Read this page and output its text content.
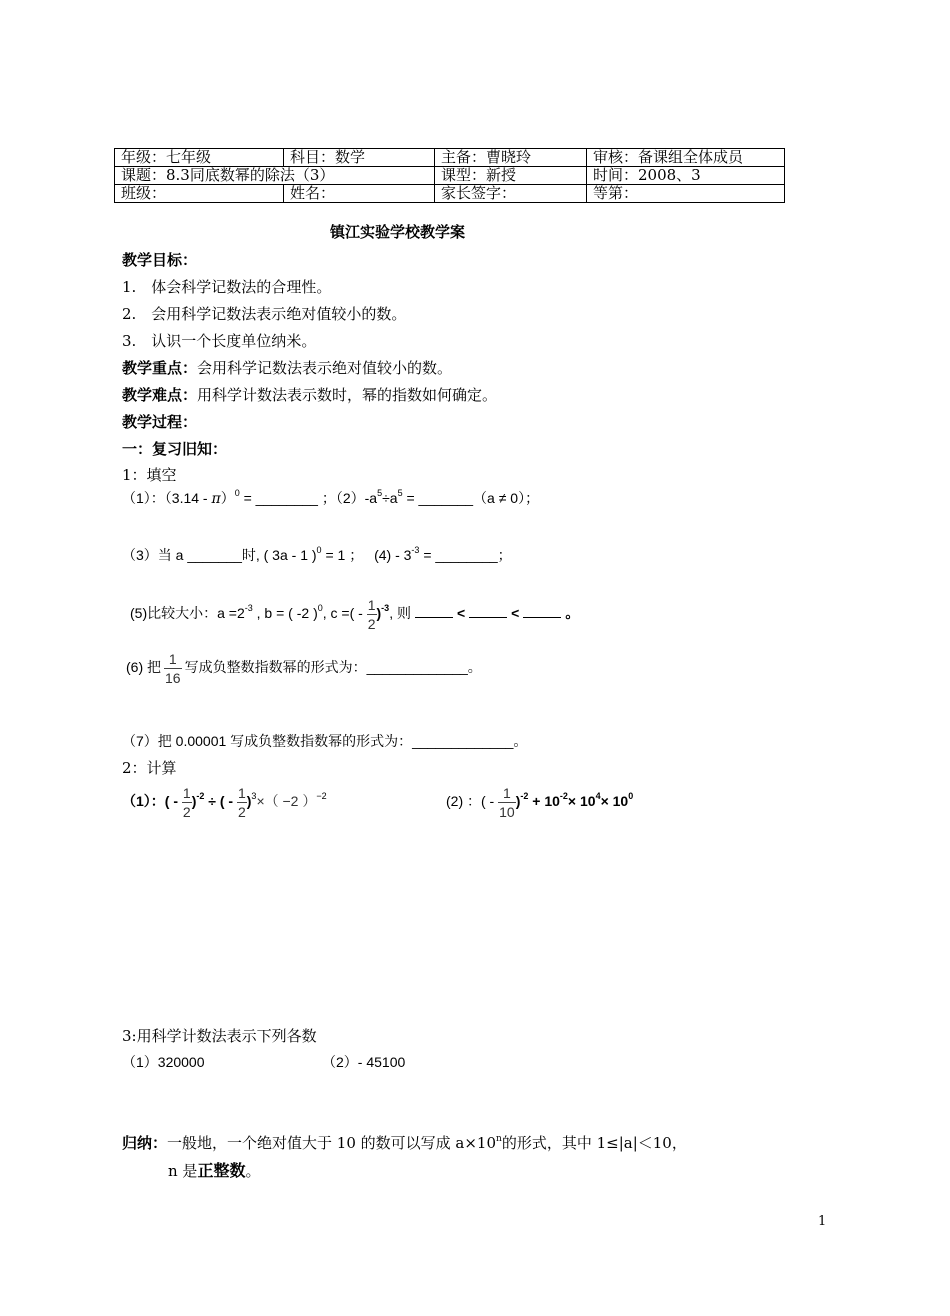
年级：七年级	科目：数学	主备：曹晓玲	审核：备课组全体成员
课题：8.3同底数幂的除法（3）		课型：新授	时间：2008、3
班级：	姓名：	家长签字：	等第：
镇江实验学校教学案
教学目标：
1.　体会科学记数法的合理性。
2.　会用科学记数法表示绝对值较小的数。
3.　认识一个长度单位纳米。
教学重点：会用科学记数法表示绝对值较小的数。
教学难点：用科学计数法表示数时，幂的指数如何确定。
教学过程：
一：复习旧知：
1：填空
（1）：（3.14 - π）$^0$ = ________ ；$(2)-a^5\div a^5$ = _______（a ≠ 0）；
（3）当 a _______时, ( 3a - 1 )$^0$ = 1 ；　 $(4) - 3^{-3}$ = ________；
(5)比较大小：$a =2^{-3}$ , b = ( -2 )$^0$, c =( - $\frac{1}{2} )^{-3}$, 则	<	<	。
(6) 把 $\frac{1}{16}$ 写成负整数指数幂的形式为：_____________。
（7）把 0.00001 写成负整数指数幂的形式为：_____________。
2：计算
（1）：( - $\frac{1}{2} )^{-2}$ ÷ ( - $\frac{1}{2} )^3\times( -2$ ）$^{-2}$	(2) ：( - $\frac{1}{10} )^{-2} + 10^{-2}\times 10^4\times 10^0$
3:用科学计数法表示下列各数
（1）320000	（2）- 45100
归纳：一般地，一个绝对值大于 10 的数可以写成 $a\times 10^n$的形式，其中 1≤|a|＜10，
n 是正整数。
1
